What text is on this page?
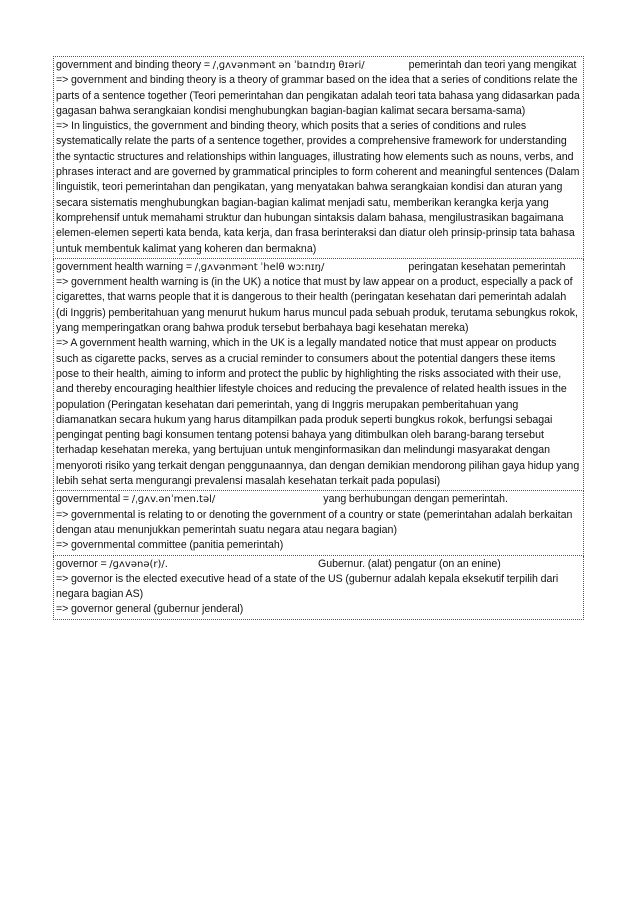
government and binding theory = /ˌɡʌvənmənt ən ˈbaɪndɪŋ θɪəri/	pemerintah dan teori yang mengikat
=> government and binding theory is a theory of grammar based on the idea that a series of conditions relate the parts of a sentence together (Teori pemerintahan dan pengikatan adalah teori tata bahasa yang didasarkan pada gagasan bahwa serangkaian kondisi menghubungkan bagian-bagian kalimat secara bersama-sama)
=> In linguistics, the government and binding theory, which posits that a series of conditions and rules systematically relate the parts of a sentence together, provides a comprehensive framework for understanding the syntactic structures and relationships within languages, illustrating how elements such as nouns, verbs, and phrases interact and are governed by grammatical principles to form coherent and meaningful sentences (Dalam linguistik, teori pemerintahan dan pengikatan, yang menyatakan bahwa serangkaian kondisi dan aturan yang secara sistematis menghubungkan bagian-bagian kalimat menjadi satu, memberikan kerangka kerja yang komprehensif untuk memahami struktur dan hubungan sintaksis dalam bahasa, mengilustrasikan bagaimana elemen-elemen seperti kata benda, kata kerja, dan frasa berinteraksi dan diatur oleh prinsip-prinsip tata bahasa untuk membentuk kalimat yang koheren dan bermakna)
government health warning = /ˌɡʌvənmənt ˈhelθ wɔːnɪŋ/	peringatan kesehatan pemerintah
=> government health warning is (in the UK) a notice that must by law appear on a product, especially a pack of cigarettes, that warns people that it is dangerous to their health (peringatan kesehatan dari pemerintah adalah (di Inggris) pemberitahuan yang menurut hukum harus muncul pada sebuah produk, terutama sebungkus rokok, yang memperingatkan orang bahwa produk tersebut berbahaya bagi kesehatan mereka)
=> A government health warning, which in the UK is a legally mandated notice that must appear on products such as cigarette packs, serves as a crucial reminder to consumers about the potential dangers these items pose to their health, aiming to inform and protect the public by highlighting the risks associated with their use, and thereby encouraging healthier lifestyle choices and reducing the prevalence of related health issues in the population (Peringatan kesehatan dari pemerintah, yang di Inggris merupakan pemberitahuan yang diamanatkan secara hukum yang harus ditampilkan pada produk seperti bungkus rokok, berfungsi sebagai pengingat penting bagi konsumen tentang potensi bahaya yang ditimbulkan oleh barang-barang tersebut terhadap kesehatan mereka, yang bertujuan untuk menginformasikan dan melindungi masyarakat dengan menyoroti risiko yang terkait dengan penggunaannya, dan dengan demikian mendorong pilihan gaya hidup yang lebih sehat serta mengurangi prevalensi masalah kesehatan terkait pada populasi)
governmental = /ˌɡʌv.ənˈmen.təl/	yang berhubungan dengan pemerintah.
=> governmental is relating to or denoting the government of a country or state (pemerintahan adalah berkaitan dengan atau menunjukkan pemerintah suatu negara atau negara bagian)
=> governmental committee (panitia pemerintah)
governor = /ɡʌvənə(r)/.	Gubernur. (alat) pengatur (on an enine)
=> governor is the elected executive head of a state of the US (gubernur adalah kepala eksekutif terpilih dari negara bagian AS)
=> governor general (gubernur jenderal)
